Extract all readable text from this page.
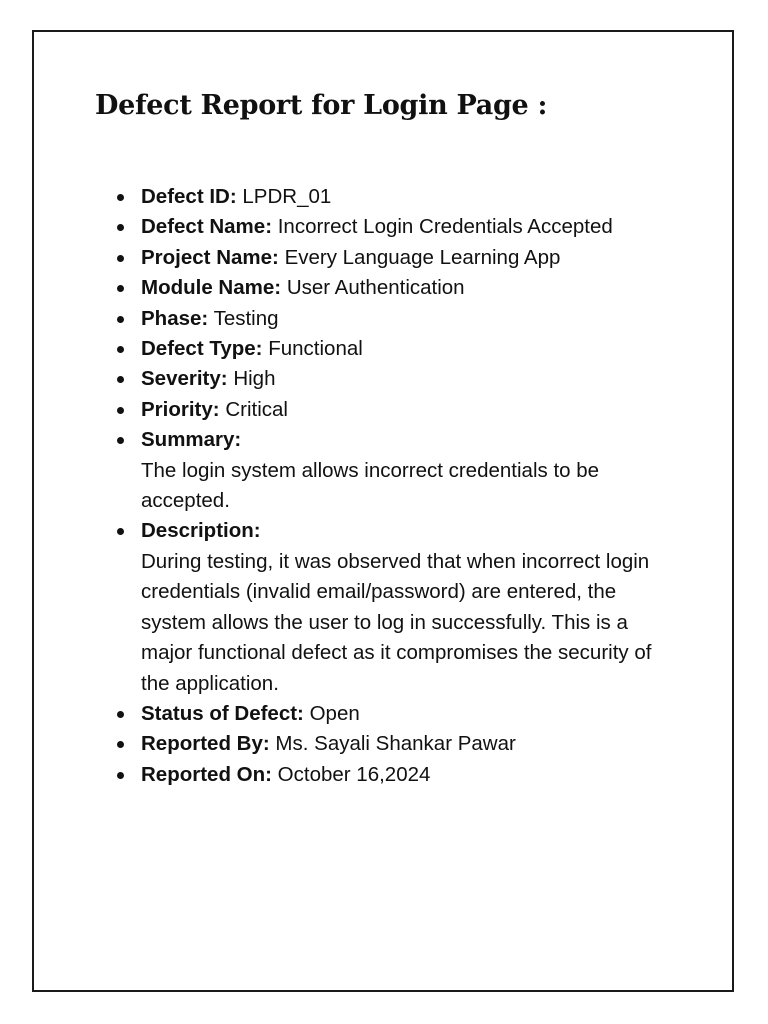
Defect Report for Login Page :
Defect ID: LPDR_01
Defect Name: Incorrect Login Credentials Accepted
Project Name: Every Language Learning App
Module Name: User Authentication
Phase: Testing
Defect Type: Functional
Severity: High
Priority: Critical
Summary:
The login system allows incorrect credentials to be accepted.
Description:
During testing, it was observed that when incorrect login credentials (invalid email/password) are entered, the system allows the user to log in successfully. This is a major functional defect as it compromises the security of the application.
Status of Defect: Open
Reported By: Ms. Sayali Shankar Pawar
Reported On: October 16,2024
